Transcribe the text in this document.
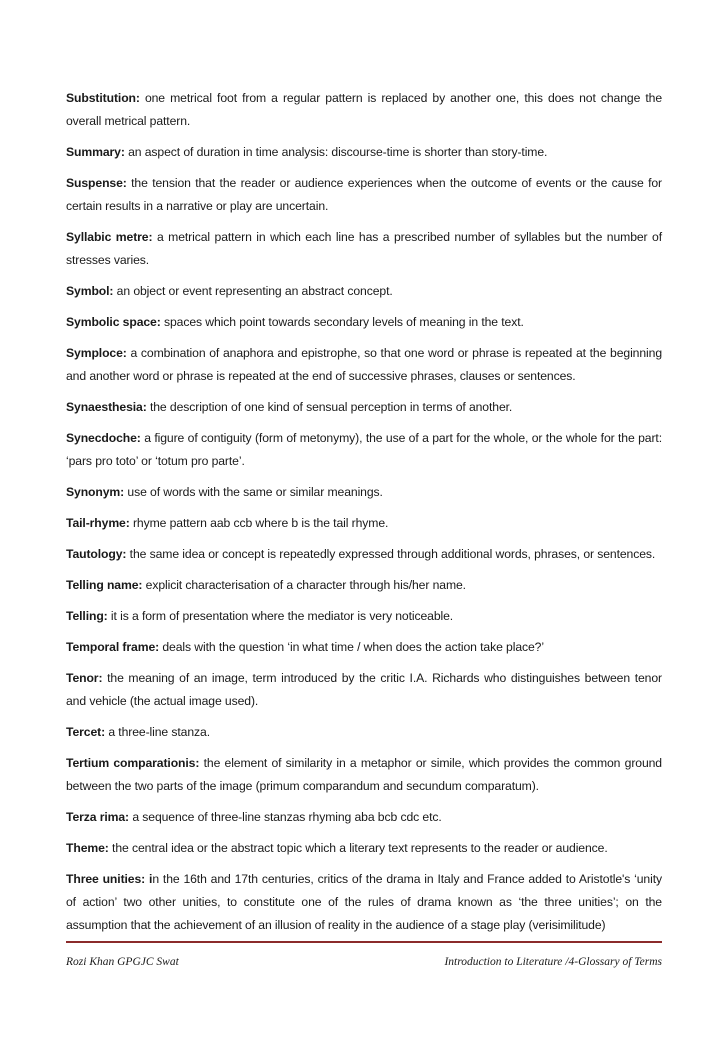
Substitution: one metrical foot from a regular pattern is replaced by another one, this does not change the overall metrical pattern.

Summary: an aspect of duration in time analysis: discourse-time is shorter than story-time.

Suspense: the tension that the reader or audience experiences when the outcome of events or the cause for certain results in a narrative or play are uncertain.

Syllabic metre: a metrical pattern in which each line has a prescribed number of syllables but the number of stresses varies.

Symbol: an object or event representing an abstract concept.

Symbolic space: spaces which point towards secondary levels of meaning in the text.

Symploce: a combination of anaphora and epistrophe, so that one word or phrase is repeated at the beginning and another word or phrase is repeated at the end of successive phrases, clauses or sentences.

Synaesthesia: the description of one kind of sensual perception in terms of another.

Synecdoche: a figure of contiguity (form of metonymy), the use of a part for the whole, or the whole for the part: ‘pars pro toto’ or ‘totum pro parte’.

Synonym: use of words with the same or similar meanings.

Tail-rhyme: rhyme pattern aab ccb where b is the tail rhyme.

Tautology: the same idea or concept is repeatedly expressed through additional words, phrases, or sentences.

Telling name: explicit characterisation of a character through his/her name.

Telling: it is a form of presentation where the mediator is very noticeable.

Temporal frame: deals with the question ‘in what time / when does the action take place?’

Tenor: the meaning of an image, term introduced by the critic I.A. Richards who distinguishes between tenor and vehicle (the actual image used).

Tercet: a three-line stanza.

Tertium comparationis: the element of similarity in a metaphor or simile, which provides the common ground between the two parts of the image (primum comparandum and secundum comparatum).

Terza rima: a sequence of three-line stanzas rhyming aba bcb cdc etc.

Theme: the central idea or the abstract topic which a literary text represents to the reader or audience.

Three unities: in the 16th and 17th centuries, critics of the drama in Italy and France added to Aristotle's ‘unity of action’ two other unities, to constitute one of the rules of drama known as ‘the three unities’; on the assumption that the achievement of an illusion of reality in the audience of a stage play (verisimilitude)

Rozi Khan GPGJC Swat	Introduction to Literature /4-Glossary of Terms
